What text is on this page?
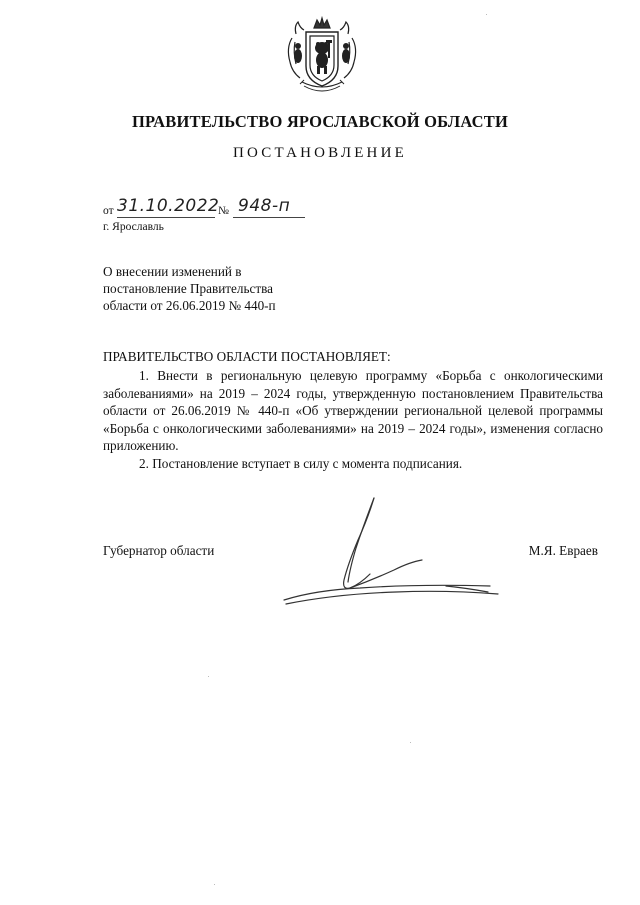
ПРАВИТЕЛЬСТВО ЯРОСЛАВСКОЙ ОБЛАСТИ
ПОСТАНОВЛЕНИЕ
от 31.10.2022
№ 948-п
г. Ярославль
О внесении изменений в
постановление Правительства
области от 26.06.2019 № 440-п
ПРАВИТЕЛЬСТВО ОБЛАСТИ ПОСТАНОВЛЯЕТ:

1. Внести в региональную целевую программу «Борьба с онкологическими заболеваниями» на 2019 – 2024 годы, утвержденную постановлением Правительства области от 26.06.2019 № 440-п «Об утверждении региональной целевой программы «Борьба с онкологическими заболеваниями» на 2019 – 2024 годы», изменения согласно приложению.

2. Постановление вступает в силу с момента подписания.

Губернатор области	М.Я. Евраев
